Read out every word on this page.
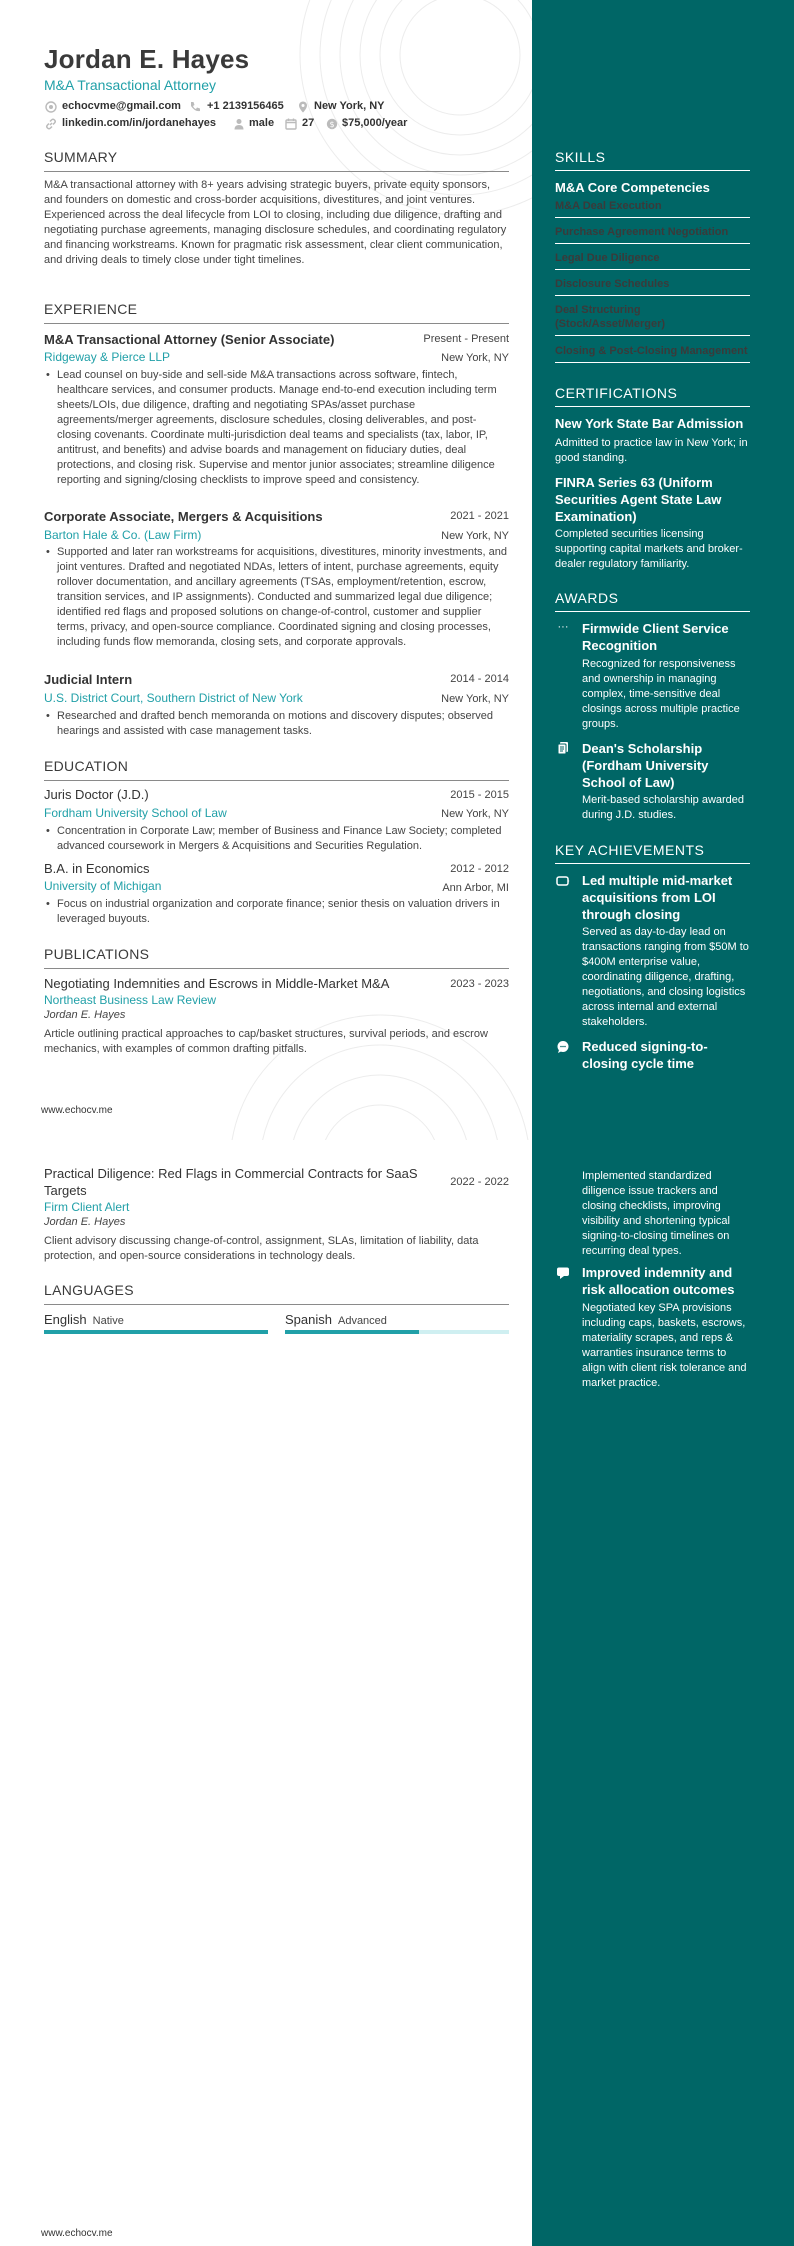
Jordan E. Hayes
M&A Transactional Attorney
echocvme@gmail.com +1 2139156465	New York, NY
linkedin.com/in/jordanehayes	male	27 $ $75,000/year
SUMMARY
M&A transactional attorney with 8+ years advising strategic buyers, private equity sponsors, and founders on domestic and cross-border acquisitions, divestitures, and joint ventures. Experienced across the deal lifecycle from LOI to closing, including due diligence, drafting and negotiating purchase agreements, managing disclosure schedules, and coordinating regulatory and financing workstreams. Known for pragmatic risk assessment, clear client communication, and driving deals to timely close under tight timelines.
EXPERIENCE
M&A Transactional Attorney (Senior Associate)	Present - Present
Ridgeway & Pierce LLP	New York, NY
• Lead counsel on buy-side and sell-side M&A transactions across software, fintech, healthcare services, and consumer products. Manage end-to-end execution including term sheets/LOIs, due diligence, drafting and negotiating SPAs/asset purchase agreements/merger agreements, disclosure schedules, closing deliverables, and post-closing covenants. Coordinate multi-jurisdiction deal teams and specialists (tax, labor, IP, antitrust, and benefits) and advise boards and management on fiduciary duties, deal protections, and closing risk. Supervise and mentor junior associates; streamline diligence reporting and signing/closing checklists to improve speed and consistency.
Corporate Associate, Mergers & Acquisitions	2021 - 2021
Barton Hale & Co. (Law Firm)	New York, NY
• Supported and later ran workstreams for acquisitions, divestitures, minority investments, and joint ventures. Drafted and negotiated NDAs, letters of intent, purchase agreements, equity rollover documentation, and ancillary agreements (TSAs, employment/retention, escrow, transition services, and IP assignments). Conducted and summarized legal due diligence; identified red flags and proposed solutions on change-of-control, customer and supplier terms, privacy, and open-source compliance. Coordinated signing and closing processes, including funds flow memoranda, closing sets, and corporate approvals.
Judicial Intern	2014 - 2014
U.S. District Court, Southern District of New York	New York, NY
• Researched and drafted bench memoranda on motions and discovery disputes; observed hearings and assisted with case management tasks.
EDUCATION
Juris Doctor (J.D.)	2015 - 2015
Fordham University School of Law	New York, NY
• Concentration in Corporate Law; member of Business and Finance Law Society; completed advanced coursework in Mergers & Acquisitions and Securities Regulation.
B.A. in Economics	2012 - 2012
University of Michigan	Ann Arbor, MI
• Focus on industrial organization and corporate finance; senior thesis on valuation drivers in leveraged buyouts.
PUBLICATIONS
Negotiating Indemnities and Escrows in Middle-Market M&A	2023 - 2023
Northeast Business Law Review
Jordan E. Hayes
Article outlining practical approaches to cap/basket structures, survival periods, and escrow mechanics, with examples of common drafting pitfalls.
www.echocv.me
Practical Diligence: Red Flags in Commercial Contracts for SaaS Targets
2022 - 2022
Firm Client Alert
Jordan E. Hayes
Client advisory discussing change-of-control, assignment, SLAs, limitation of liability, data protection, and open-source considerations in technology deals.
LANGUAGES
English Native	Spanish Advanced
www.echocv.me
SKILLS
M&A Core Competencies
M&A Deal Execution
Purchase Agreement Negotiation
Legal Due Diligence
Disclosure Schedules
Deal Structuring (Stock/Asset/Merger)
Closing & Post-Closing Management
CERTIFICATIONS
New York State Bar Admission
Admitted to practice law in New York; in good standing.
FINRA Series 63 (Uniform Securities Agent State Law Examination)
Completed securities licensing supporting capital markets and broker-dealer regulatory familiarity.
AWARDS
··· Firmwide Client Service Recognition
Recognized for responsiveness and ownership in managing complex, time-sensitive deal closings across multiple practice groups.
Dean's Scholarship (Fordham University School of Law)
Merit-based scholarship awarded during J.D. studies.
KEY ACHIEVEMENTS
Led multiple mid-market acquisitions from LOI through closing
Served as day-to-day lead on transactions ranging from $50M to $400M enterprise value, coordinating diligence, drafting, negotiations, and closing logistics across internal and external stakeholders.
Reduced signing-to-closing cycle time
Implemented standardized diligence issue trackers and closing checklists, improving visibility and shortening typical signing-to-closing timelines on recurring deal types.
Improved indemnity and risk allocation outcomes
Negotiated key SPA provisions including caps, baskets, escrows, materiality scrapes, and reps & warranties insurance terms to align with client risk tolerance and market practice.
